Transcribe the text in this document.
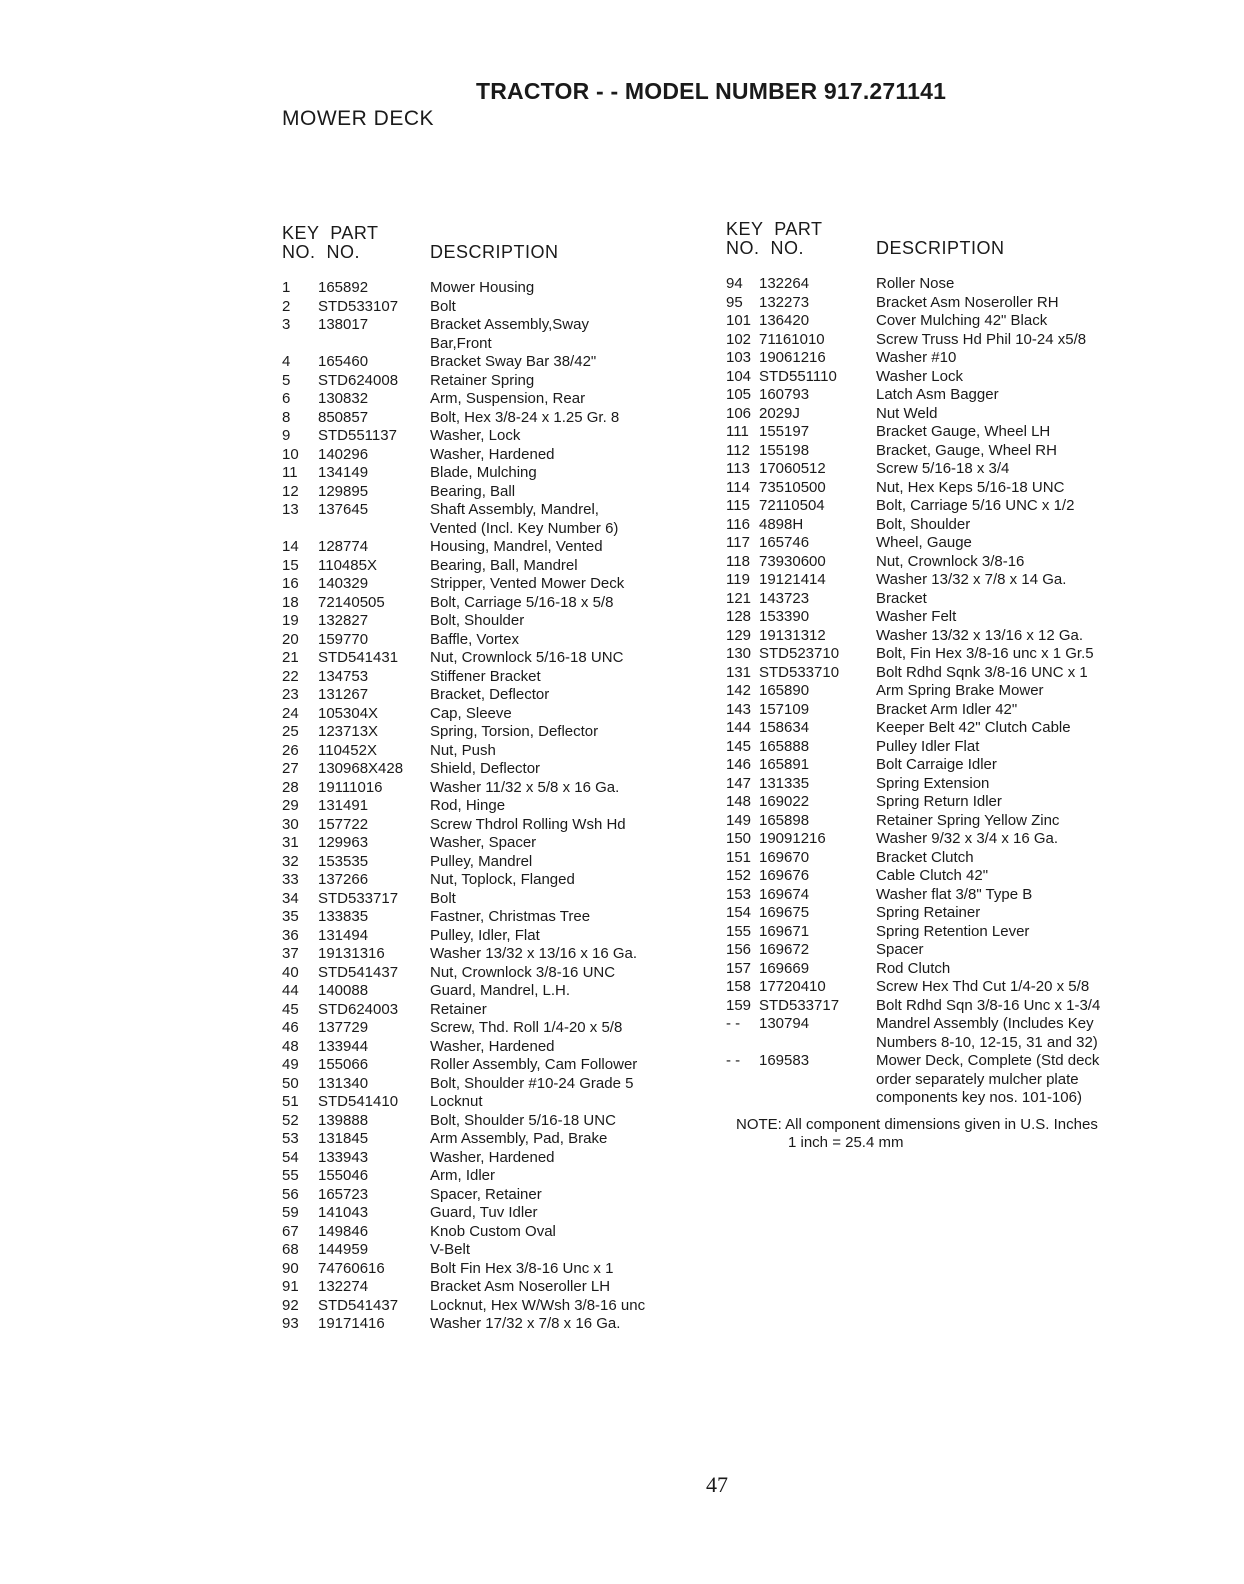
TRACTOR - - MODEL NUMBER 917.271141
MOWER DECK
KEY  PART
NO.  NO.	DESCRIPTION
1 165892	Mower Housing
2 STD533107 Bolt
3 138017	Bracket Assembly,Sway
Bar,Front
4 165460	Bracket Sway Bar 38/42"
5 STD624008 Retainer Spring
6 130832	Arm, Suspension, Rear
8 850857	Bolt, Hex 3/8-24 x 1.25 Gr. 8
9 STD551137 Washer, Lock
10 140296	Washer, Hardened
11 134149	Blade, Mulching
12 129895	Bearing, Ball
13 137645	Shaft Assembly, Mandrel,
Vented (Incl. Key Number 6)
14 128774	Housing, Mandrel, Vented
15 110485X	Bearing, Ball, Mandrel
16 140329	Stripper, Vented Mower Deck
18 72140505	Bolt, Carriage 5/16-18 x 5/8
19 132827	Bolt, Shoulder
20 159770	Baffle, Vortex
21 STD541431 Nut, Crownlock 5/16-18 UNC
22 134753	Stiffener Bracket
23 131267	Bracket, Deflector
24 105304X	Cap, Sleeve
25 123713X	Spring, Torsion, Deflector
26 110452X	Nut, Push
27 130968X428 Shield, Deflector
28 19111016	Washer 11/32 x 5/8 x 16 Ga.
29 131491	Rod, Hinge
30 157722	Screw Thdrol Rolling Wsh Hd
31 129963	Washer, Spacer
32 153535	Pulley, Mandrel
33 137266	Nut, Toplock, Flanged
34 STD533717 Bolt
35 133835	Fastner, Christmas Tree
36 131494	Pulley, Idler, Flat
37 19131316	Washer 13/32 x 13/16 x 16 Ga.
40 STD541437 Nut, Crownlock 3/8-16 UNC
44 140088	Guard, Mandrel, L.H.
45 STD624003 Retainer
46 137729	Screw, Thd. Roll 1/4-20 x 5/8
48 133944	Washer, Hardened
49 155066	Roller Assembly, Cam Follower
50 131340	Bolt, Shoulder #10-24 Grade 5
51 STD541410 Locknut
52 139888	Bolt, Shoulder 5/16-18 UNC
53 131845	Arm Assembly, Pad, Brake
54 133943	Washer, Hardened
55 155046	Arm, Idler
56 165723	Spacer, Retainer
59 141043	Guard, Tuv Idler
67 149846	Knob Custom Oval
68 144959	V-Belt
90 74760616	Bolt Fin Hex 3/8-16 Unc x 1
91 132274	Bracket Asm Noseroller LH
92 STD541437 Locknut, Hex W/Wsh 3/8-16 unc
93 19171416	Washer 17/32 x 7/8 x 16 Ga.
KEY  PART
NO.  NO.	DESCRIPTION
94 132264	Roller Nose
95 132273	Bracket Asm Noseroller RH
101 136420	Cover Mulching 42" Black
102 71161010	Screw Truss Hd Phil 10-24 x5/8
103 19061216	Washer #10
104 STD551110	Washer Lock
105 160793	Latch Asm Bagger
106 2029J	Nut Weld
111 155197	Bracket Gauge, Wheel LH
112 155198	Bracket, Gauge, Wheel RH
113 17060512	Screw 5/16-18 x 3/4
114 73510500	Nut, Hex Keps 5/16-18 UNC
115 72110504	Bolt, Carriage 5/16 UNC x 1/2
116 4898H	Bolt, Shoulder
117 165746	Wheel, Gauge
118 73930600	Nut, Crownlock 3/8-16
119 19121414	Washer 13/32 x 7/8 x 14 Ga.
121 143723	Bracket
128 153390	Washer Felt
129 19131312	Washer 13/32 x 13/16 x 12 Ga.
130 STD523710 Bolt, Fin Hex 3/8-16 unc x 1 Gr.5
131 STD533710 Bolt Rdhd Sqnk 3/8-16 UNC x 1
142 165890	Arm Spring Brake Mower
143 157109	Bracket Arm Idler 42"
144 158634	Keeper Belt 42" Clutch Cable
145 165888	Pulley Idler Flat
146 165891	Bolt Carraige Idler
147 131335	Spring Extension
148 169022	Spring Return Idler
149 165898	Retainer Spring Yellow Zinc
150 19091216	Washer 9/32 x 3/4 x 16 Ga.
151 169670	Bracket Clutch
152 169676	Cable Clutch 42"
153 169674	Washer flat 3/8" Type B
154 169675	Spring Retainer
155 169671	Spring Retention Lever
156 169672	Spacer
157 169669	Rod Clutch
158 17720410	Screw Hex Thd Cut 1/4-20 x 5/8
159 STD533717 Bolt Rdhd Sqn 3/8-16 Unc x 1-3/4
- - 130794	Mandrel Assembly (Includes Key
Numbers 8-10, 12-15, 31 and 32)
- - 169583	Mower Deck, Complete (Std deck
order separately mulcher plate
components key nos. 101-106)
NOTE: All component dimensions given in U.S. Inches
1 inch = 25.4 mm
47
